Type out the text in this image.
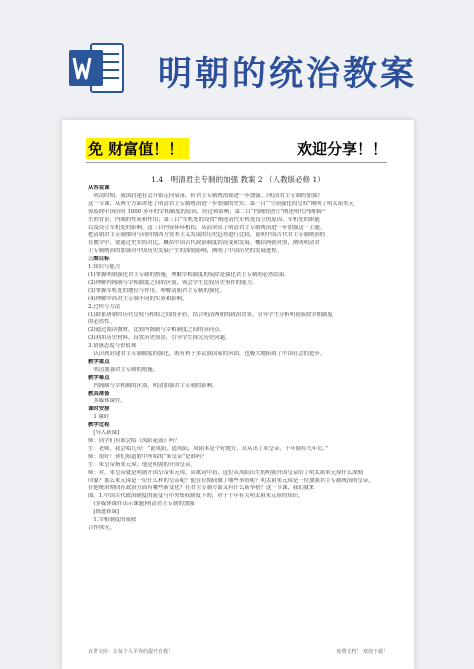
明朝的统治教案
免 财富值！！	欢迎分享！！
1.4　明清君主专制的加强 教案 2 （人教版必修 1）
从容说课
　明清时期，我国封建社会开始走向衰落，但君主专制统治却进一步加强。《明清君主专制的加强》
这一节课，从两个方面讲述了明清君主专制统治进一步加强的史实。第一目“‘空前强化的皇权”阐明了明太祖朱元
璋废除中国历时 1000 多年的宰相制度的原因、经过和影响；第二目“内阁的创立”阐述明代内阁制产
生的背景，内阁的性质和作用；第三目“军机处的设置”阐述清代军机处设立的原因、军机处的职能
以及设立军机处的影响。这三目内容环环相扣，从而突出了明清君主专制统治进一步加强这一主题。
把清朝君主专制推向与同时期西方资本主义发展的历史趋势进行比较，说明中国古代君主专制统治的
在教学中，要通过史实的对比，概括中国古代政治制度的演变和发展。概括两朝对照，阐明明清君
主专制统治的加强对中国历史发展产生的深刻影响，阐明了中国历史的发展进程。
三维目标
1.知识与能力
(1)掌握明朝强化君主专制的措施，理解宰相制度的废除是强化君主专制的必然结果。
(2)理解内阁制与宰相制度之间的区别，领会学生比较历史事件的能力。
(3)掌握军机处的地位与作用，理解清朝君主专制的强化。
(4)理解中西君主专制不同的实质和影响。
2.过程与方法
(1)联系唐朝时历代皇权与相权之间的矛盾，结合明清两朝的政治背景，引导学生分析明初废除宰相制度
的必然性。
(2)通过阅读教材，比较内阁制与宰相制度之间的异同点。
(3)利用历史材料，设置历史情景，引导学生探究历史问题。
3.情感态度与价值观
　认识到封建君主专制制度的强化，既有利于多民族国家的巩固，也极大地阻碍了中国社会的进步。
教学重点
　明清加强君主专制的措施。
教学难点
　内阁制与宰相制的区别，明清加强君主专制的影响。
教具准备
　多媒体课件。
课时安排
　1 课时
教学过程
　[导入新课]
师：同学们有谁会唱《凤阳花鼓》吗？
生：老师，我会唱几句：“说凤阳，道凤阳，凤阳本是个好地方，自从出了朱皇帝，十年倒有九年荒。”
师：很好！你们知道歌中所唱的“朱皇帝”是谁吗？
生：朱皇帝指朱元璋，他是明朝的开国皇帝。
师：对，朱皇帝就是明朝开国皇帝朱元璋。从歌词中看，这位从凤阳出生的明朝开国皇帝给了明太祖朱元璋什么深刻
印象？那么朱元璋是一位什么样的皇帝呢？他在位期间做了哪些事情呢？明太祖朱元璋是一位加强君主专制统治的皇帝，
在他统治期间在政治方面有哪些新变化？在君主专制方面又有什么新举措？这一节课，我们就来
图。1.中国古代政治制度的演变与中央集权制度下的，对于十年有关明太祖朱元璋的知识。
　(多媒体课件出示课题)明清君主专制的加强
　[推进新课]
　1.宰相制度的废除
合作探究。
百世文库：让每个人平等的提升自我！	免费文档！ 欢迎下载！
